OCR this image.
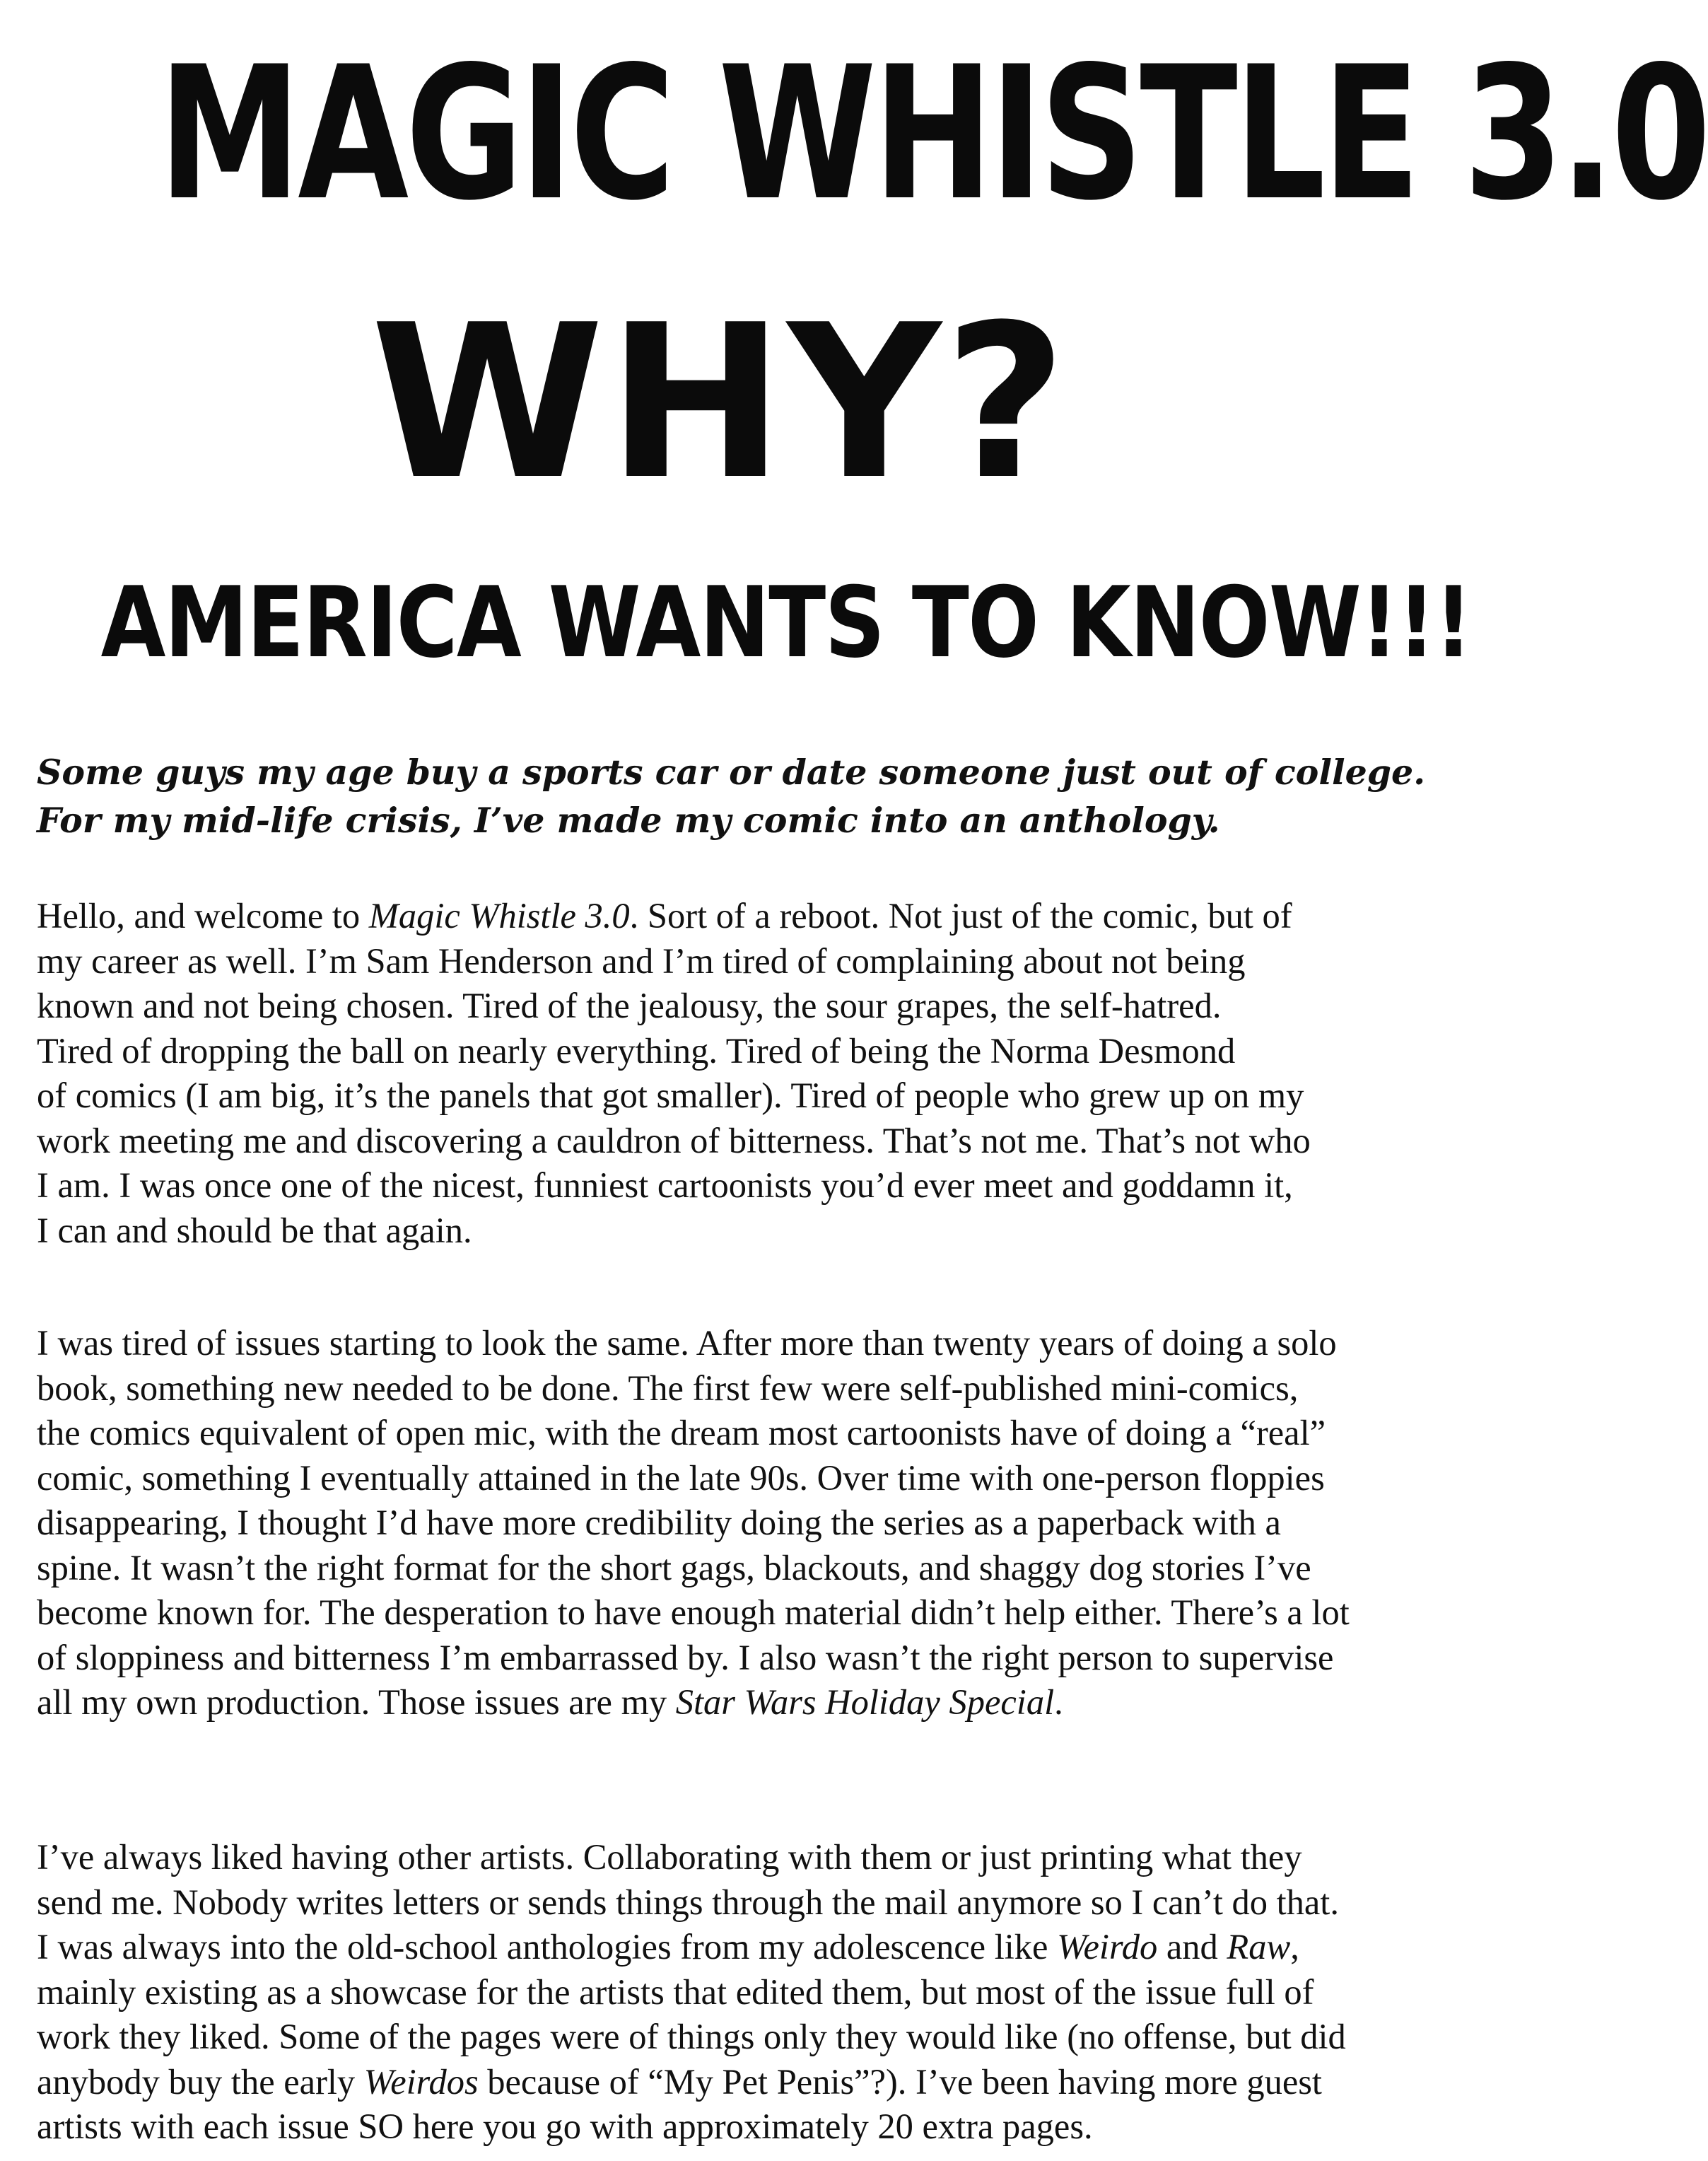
MAGIC WHISTLE 3.0
WHY?
AMERICA WANTS TO KNOW!!!

Some guys my age buy a sports car or date someone just out of college.
For my mid-life crisis, I’ve made my comic into an anthology.

Hello, and welcome to Magic Whistle 3.0. Sort of a reboot. Not just of the comic, but of
my career as well. I’m Sam Henderson and I’m tired of complaining about not being
known and not being chosen. Tired of the jealousy, the sour grapes, the self-hatred.
Tired of dropping the ball on nearly everything. Tired of being the Norma Desmond
of comics (I am big, it’s the panels that got smaller). Tired of people who grew up on my
work meeting me and discovering a cauldron of bitterness. That’s not me. That’s not who
I am. I was once one of the nicest, funniest cartoonists you’d ever meet and goddamn it,
I can and should be that again.

I was tired of issues starting to look the same. After more than twenty years of doing a solo
book, something new needed to be done. The first few were self-published mini-comics,
the comics equivalent of open mic, with the dream most cartoonists have of doing a “real”
comic, something I eventually attained in the late 90s. Over time with one-person floppies
disappearing, I thought I’d have more credibility doing the series as a paperback with a
spine. It wasn’t the right format for the short gags, blackouts, and shaggy dog stories I’ve
become known for. The desperation to have enough material didn’t help either. There’s a lot
of sloppiness and bitterness I’m embarrassed by. I also wasn’t the right person to supervise
all my own production. Those issues are my Star Wars Holiday Special.

I’ve always liked having other artists. Collaborating with them or just printing what they
send me. Nobody writes letters or sends things through the mail anymore so I can’t do that.
I was always into the old-school anthologies from my adolescence like Weirdo and Raw,
mainly existing as a showcase for the artists that edited them, but most of the issue full of
work they liked. Some of the pages were of things only they would like (no offense, but did
anybody buy the early Weirdos because of “My Pet Penis”?). I’ve been having more guest
artists with each issue SO here you go with approximately 20 extra pages.
